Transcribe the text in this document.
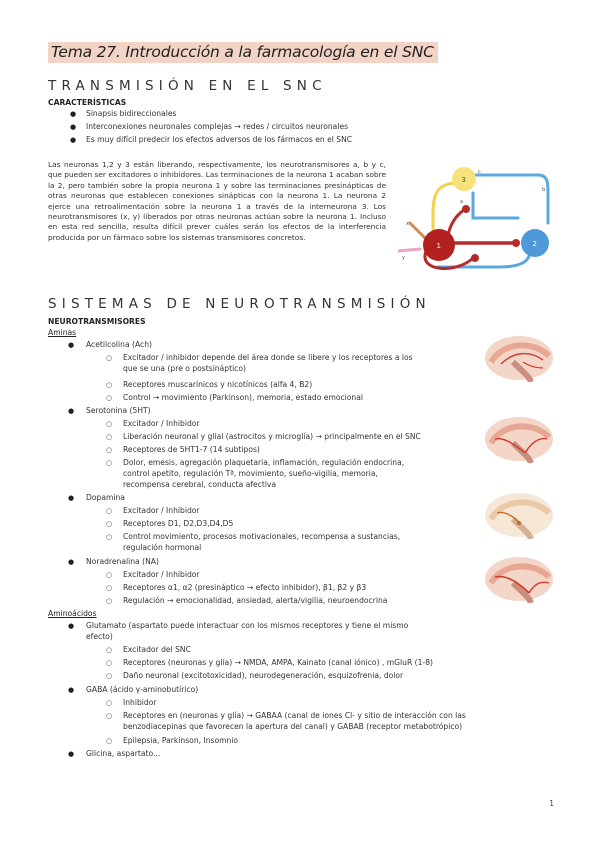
Tema 27. Introducción a la farmacología en el SNC
TRANSMISIÓN EN EL SNC
CARACTERÍSTICAS
● Sinapsis bidireccionales
● Interconexiones neuronales complejas → redes / circuitos neuronales
● Es muy difícil predecir los efectos adversos de los fármacos en el SNC
Las neuronas 1,2 y 3 están liberando, respectivamente, los neurotransmisores a, b y c, que pueden ser excitadores o inhibidores. Las terminaciones de la neurona 1 acaban sobre la 2, pero también sobre la propia neurona 1 y sobre las terminaciones presinápticas de otras neuronas que establecen conexiones sinápticas con la neurona 1. La neurona 2 ejerce una retroalimentación sobre la neurona 1 a través de la interneurona 3. Los neurotransmisores (x, y) liberados por otras neuronas actúan sobre la neurona 1. Incluso en esta red sencilla, resulta difícil prever cuáles serán los efectos de la interferencia producida por un fármaco sobre los sistemas transmisores concretos.
3
1	2
c
b
a
x
y
SISTEMAS DE NEUROTRANSMISIÓN
NEUROTRANSMISORES
Aminas
● Acetilcolina (Ach)
○ Excitador / inhibidor depende del área donde se libere y los receptores a los
que se una (pre o postsináptico)
○ Receptores muscarínicos y nicotínicos (alfa 4, B2)
○ Control → movimiento (Parkinson), memoria, estado emocional
● Serotonina (5HT)
○ Excitador / Inhibidor
○ Liberación neuronal y glial (astrocitos y microglía) → principalmente en el SNC
○ Receptores de 5HT1-7 (14 subtipos)
○ Dolor, emesis, agregación plaquetaria, inflamación, regulación endocrina,
control apetito, regulación Tª, movimiento, sueño-vigilia, memoria,
recompensa cerebral, conducta afectiva
● Dopamina
○ Excitador / Inhibidor
○ Receptores D1, D2,D3,D4,D5
○ Control movimiento, procesos motivacionales, recompensa a sustancias,
regulación hormonal
● Noradrenalina (NA)
○ Excitador / Inhibidor
○ Receptores α1, α2 (presináptico → efecto inhibidor), β1, β2 y β3
○ Regulación → emocionalidad, ansiedad, alerta/vigilia, neuroendocrina
Aminoácidos
● Glutamato (aspartato puede interactuar con los mismos receptores y tiene el mismo
efecto)
○ Excitador del SNC
○ Receptores (neuronas y glía) → NMDA, AMPA, Kainato (canal iónico) , mGluR (1-8)
○ Daño neuronal (excitotoxicidad), neurodegeneración, esquizofrenia, dolor
● GABA (ácido γ-aminobutírico)
○ Inhibidor
○ Receptores en (neuronas y glía) → GABAA (canal de iones Cl- y sitio de interacción con las
benzodiacepinas que favorecen la apertura del canal) y GABAB (receptor metabotrópico)
○ Epilepsia, Parkinson, Insomnio
● Glicina, aspartato...
1
